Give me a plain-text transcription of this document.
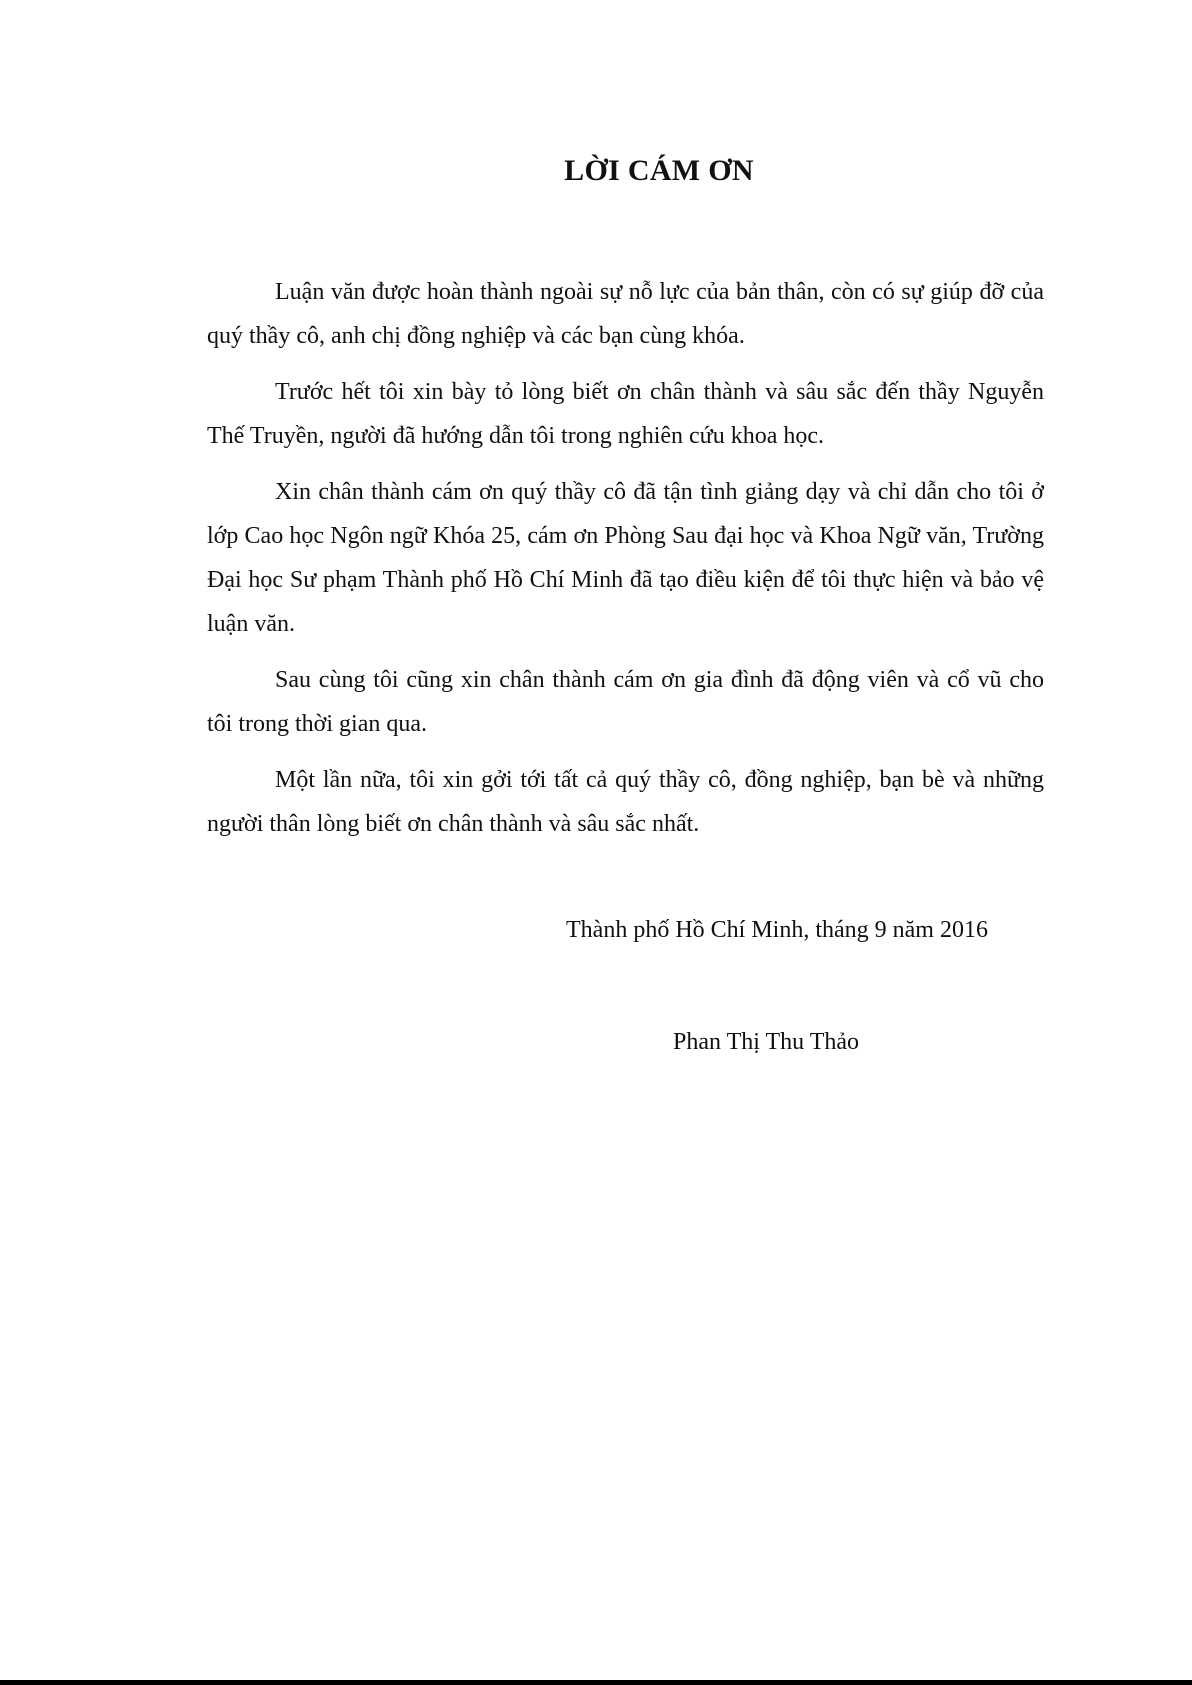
LỜI CÁM ƠN

Luận văn được hoàn thành ngoài sự nỗ lực của bản thân, còn có sự giúp đỡ của quý thầy cô, anh chị đồng nghiệp và các bạn cùng khóa.

Trước hết tôi xin bày tỏ lòng biết ơn chân thành và sâu sắc đến thầy Nguyễn Thế Truyền, người đã hướng dẫn tôi trong nghiên cứu khoa học.

Xin chân thành cám ơn quý thầy cô đã tận tình giảng dạy và chỉ dẫn cho tôi ở lớp Cao học Ngôn ngữ Khóa 25, cám ơn Phòng Sau đại học và Khoa Ngữ văn, Trường Đại học Sư phạm Thành phố Hồ Chí Minh đã tạo điều kiện để tôi thực hiện và bảo vệ luận văn.

Sau cùng tôi cũng xin chân thành cám ơn gia đình đã động viên và cổ vũ cho tôi trong thời gian qua.

Một lần nữa, tôi xin gởi tới tất cả quý thầy cô, đồng nghiệp, bạn bè và những người thân lòng biết ơn chân thành và sâu sắc nhất.

Thành phố Hồ Chí Minh, tháng 9 năm 2016

Phan Thị Thu Thảo
